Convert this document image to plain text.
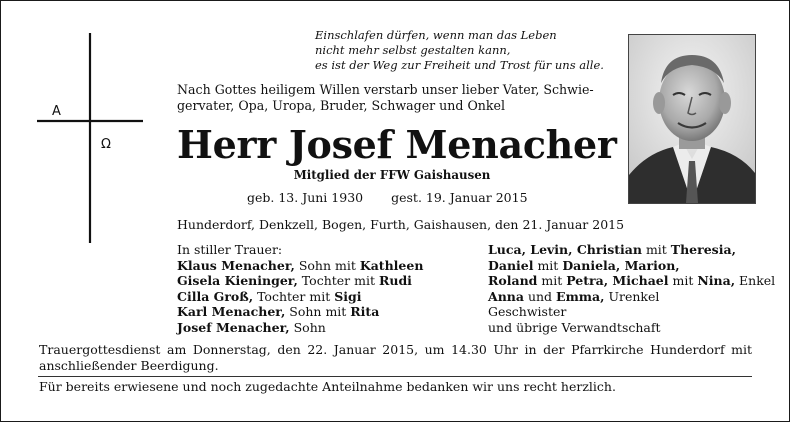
A
Ω
Einschlafen dürfen, wenn man das Leben
nicht mehr selbst gestalten kann,
es ist der Weg zur Freiheit und Trost für uns alle.
Nach Gottes heiligem Willen verstarb unser lieber Vater, Schwie-
gervater, Opa, Uropa, Bruder, Schwager und Onkel
Herr Josef Menacher
Mitglied der FFW Gaishausen
geb. 13. Juni 1930 gest. 19. Januar 2015
Hunderdorf, Denkzell, Bogen, Furth, Gaishausen, den 21. Januar 2015
In stiller Trauer:
Klaus Menacher, Sohn mit Kathleen
Gisela Kieninger, Tochter mit Rudi
Cilla Groß, Tochter mit Sigi
Karl Menacher, Sohn mit Rita
Josef Menacher, Sohn
Luca, Levin, Christian mit Theresia,
Daniel mit Daniela, Marion,
Roland mit Petra, Michael mit Nina, Enkel
Anna und Emma, Urenkel
Geschwister
und übrige Verwandtschaft
Trauergottesdienst am Donnerstag, den 22. Januar 2015, um 14.30 Uhr in der Pfarrkirche Hunderdorf mit anschließender Beerdigung.
Für bereits erwiesene und noch zugedachte Anteilnahme bedanken wir uns recht herzlich.
